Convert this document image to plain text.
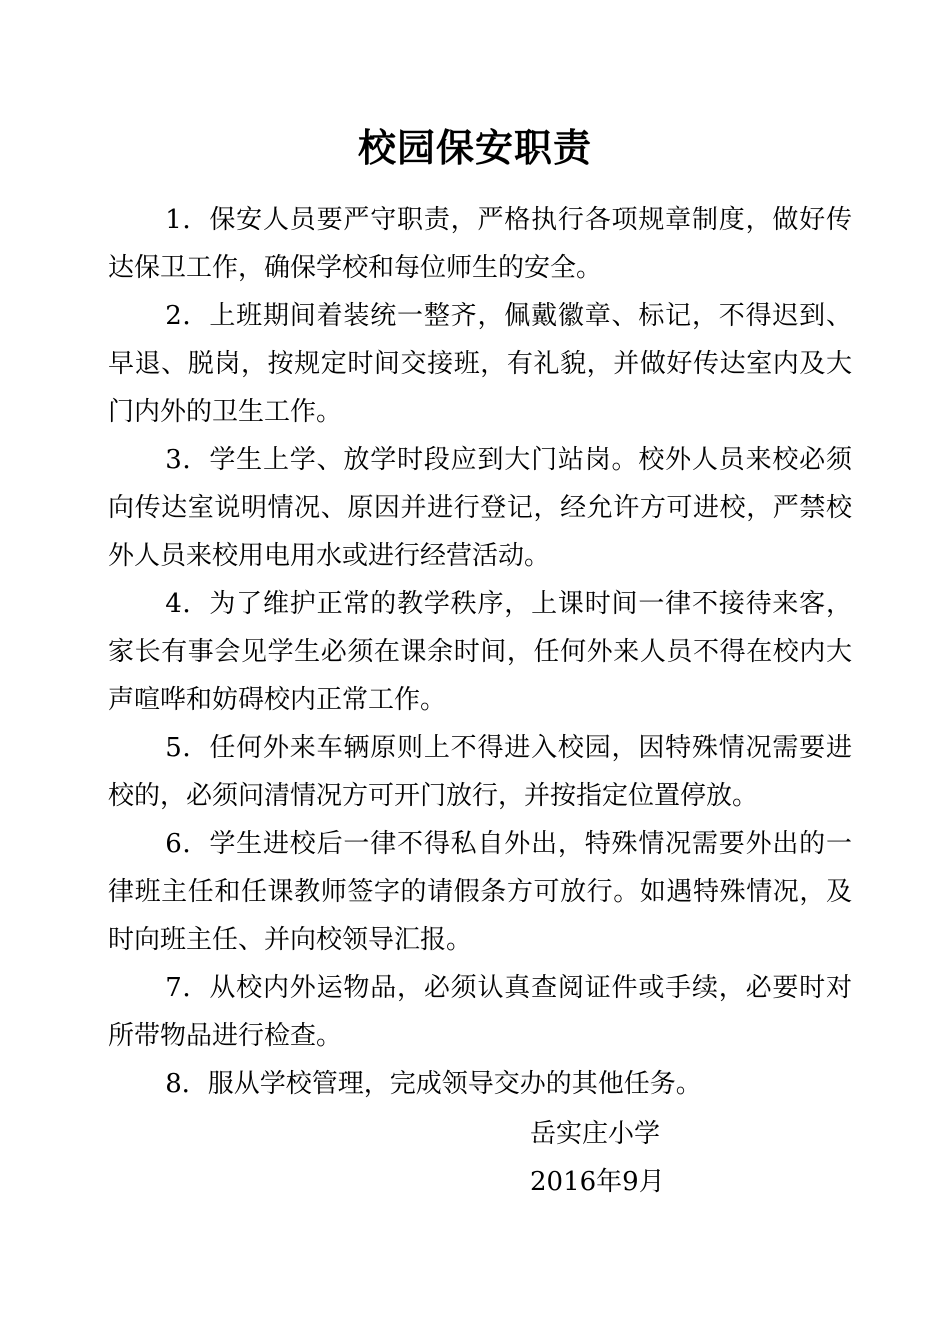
校园保安职责

1．保安人员要严守职责，严格执行各项规章制度，做好传达保卫工作，确保学校和每位师生的安全。

2．上班期间着装统一整齐，佩戴徽章、标记，不得迟到、早退、脱岗，按规定时间交接班，有礼貌，并做好传达室内及大门内外的卫生工作。

3．学生上学、放学时段应到大门站岗。校外人员来校必须向传达室说明情况、原因并进行登记，经允许方可进校，严禁校外人员来校用电用水或进行经营活动。

4．为了维护正常的教学秩序，上课时间一律不接待来客，家长有事会见学生必须在课余时间，任何外来人员不得在校内大声喧哗和妨碍校内正常工作。

5．任何外来车辆原则上不得进入校园，因特殊情况需要进校的，必须问清情况方可开门放行，并按指定位置停放。

6．学生进校后一律不得私自外出，特殊情况需要外出的一律班主任和任课教师签字的请假条方可放行。如遇特殊情况，及时向班主任、并向校领导汇报。

7．从校内外运物品，必须认真查阅证件或手续，必要时对所带物品进行检查。

8．服从学校管理，完成领导交办的其他任务。

岳实庄小学
2016年9月
